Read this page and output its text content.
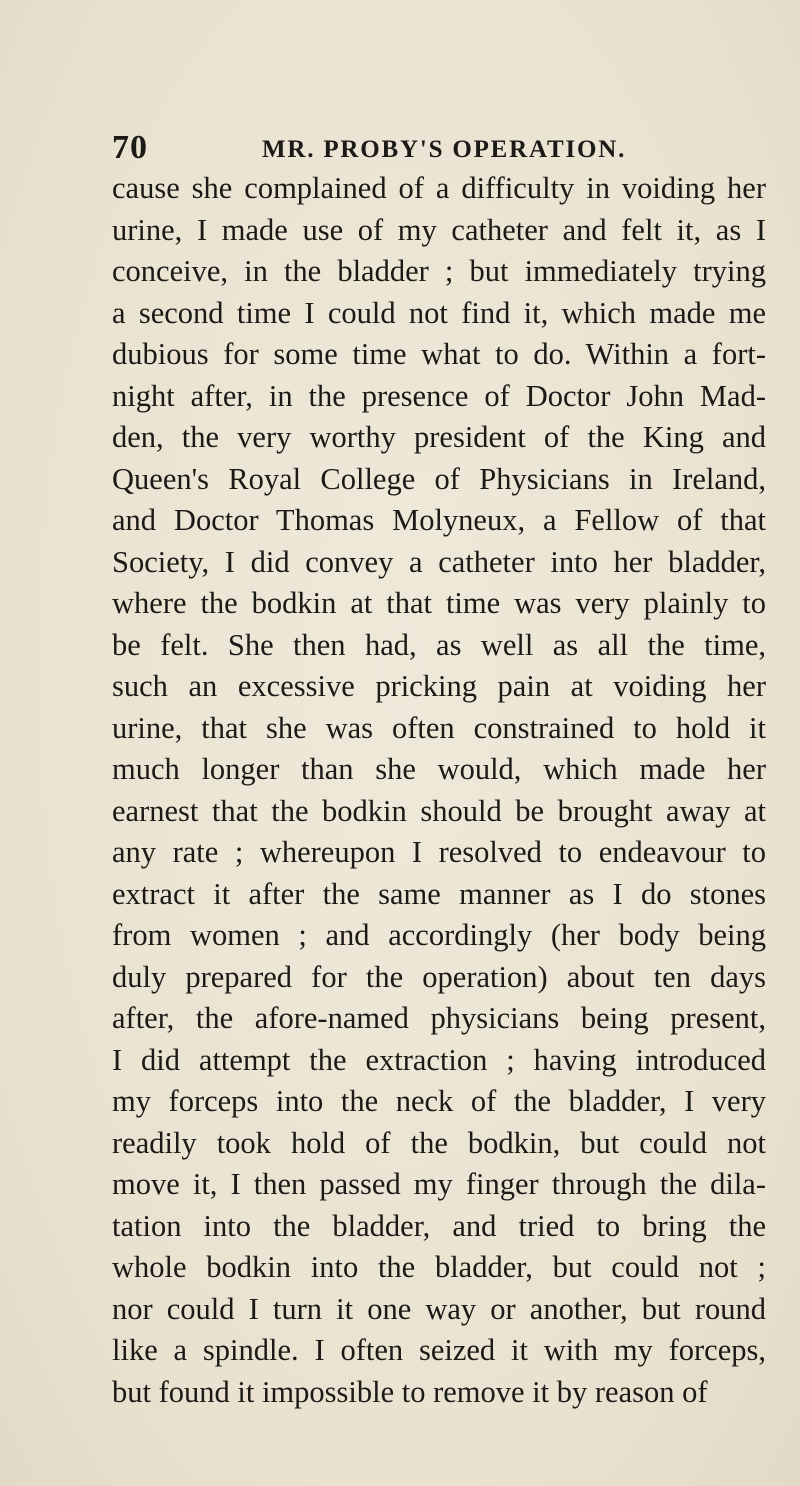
70	MR. PROBY'S OPERATION.
cause she complained of a difficulty in voiding her
urine, I made use of my catheter and felt it, as I
conceive, in the bladder ; but immediately trying
a second time I could not find it, which made me
dubious for some time what to do. Within a fort-
night after, in the presence of Doctor John Mad-
den, the very worthy president of the King and
Queen's Royal College of Physicians in Ireland,
and Doctor Thomas Molyneux, a Fellow of that
Society, I did convey a catheter into her bladder,
where the bodkin at that time was very plainly to
be felt. She then had, as well as all the time,
such an excessive pricking pain at voiding her
urine, that she was often constrained to hold it
much longer than she would, which made her
earnest that the bodkin should be brought away at
any rate ; whereupon I resolved to endeavour to
extract it after the same manner as I do stones
from women ; and accordingly (her body being
duly prepared for the operation) about ten days
after, the afore-named physicians being present,
I did attempt the extraction ; having introduced
my forceps into the neck of the bladder, I very
readily took hold of the bodkin, but could not
move it, I then passed my finger through the dila-
tation into the bladder, and tried to bring the
whole bodkin into the bladder, but could not ;
nor could I turn it one way or another, but round
like a spindle. I often seized it with my forceps,
but found it impossible to remove it by reason of
